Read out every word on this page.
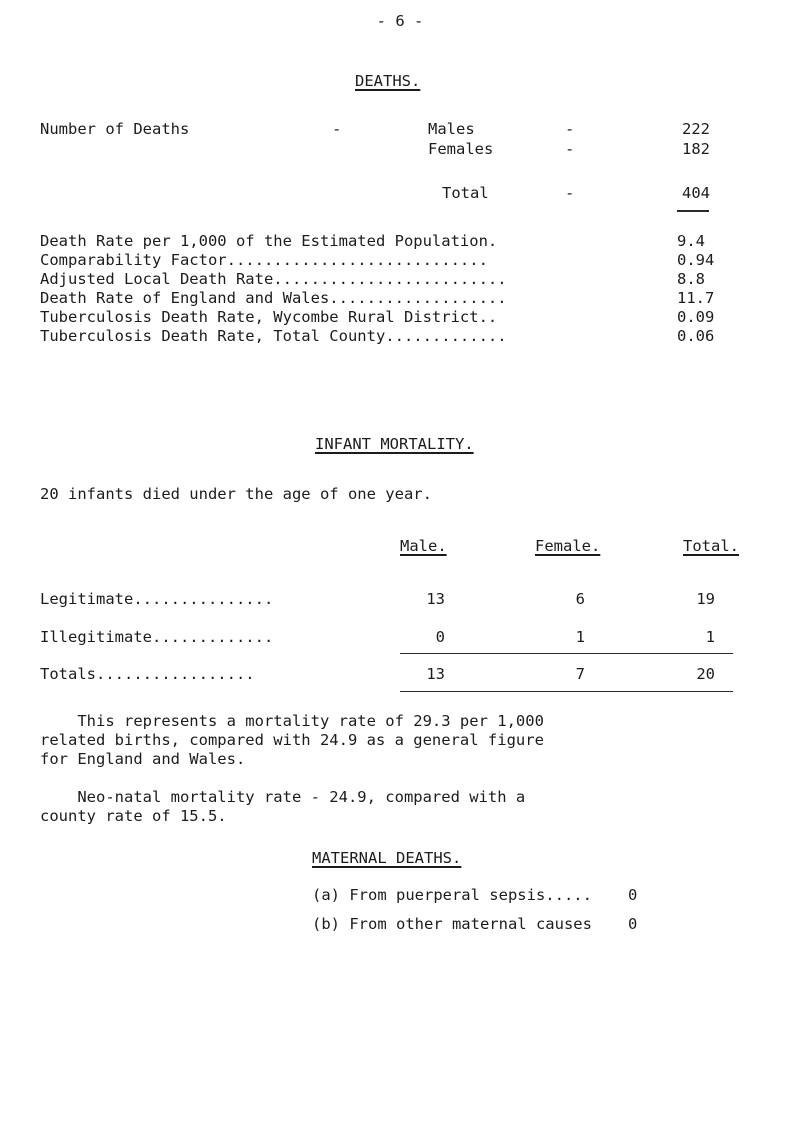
- 6 -
DEATHS.
Number of Deaths	-	Males	-	222
Females	-	182
Total	-	404
Death Rate per 1,000 of the Estimated Population.	9.4
Comparability Factor............................	0.94
Adjusted Local Death Rate.........................	8.8
Death Rate of England and Wales...................	11.7
Tuberculosis Death Rate, Wycombe Rural District..	0.09
Tuberculosis Death Rate, Total County.............	0.06
INFANT MORTALITY.
20 infants died under the age of one year.
Male.	Female.	Total.
Legitimate...............	13	6	19
Illegitimate.............	0	1	1
Totals.................	13	7	20
This represents a mortality rate of 29.3 per 1,000
related births, compared with 24.9 as a general figure
for England and Wales.
Neo-natal mortality rate - 24.9, compared with a
county rate of 15.5.
MATERNAL DEATHS.
(a) From puerperal sepsis..... 0
(b) From other maternal causes 0
